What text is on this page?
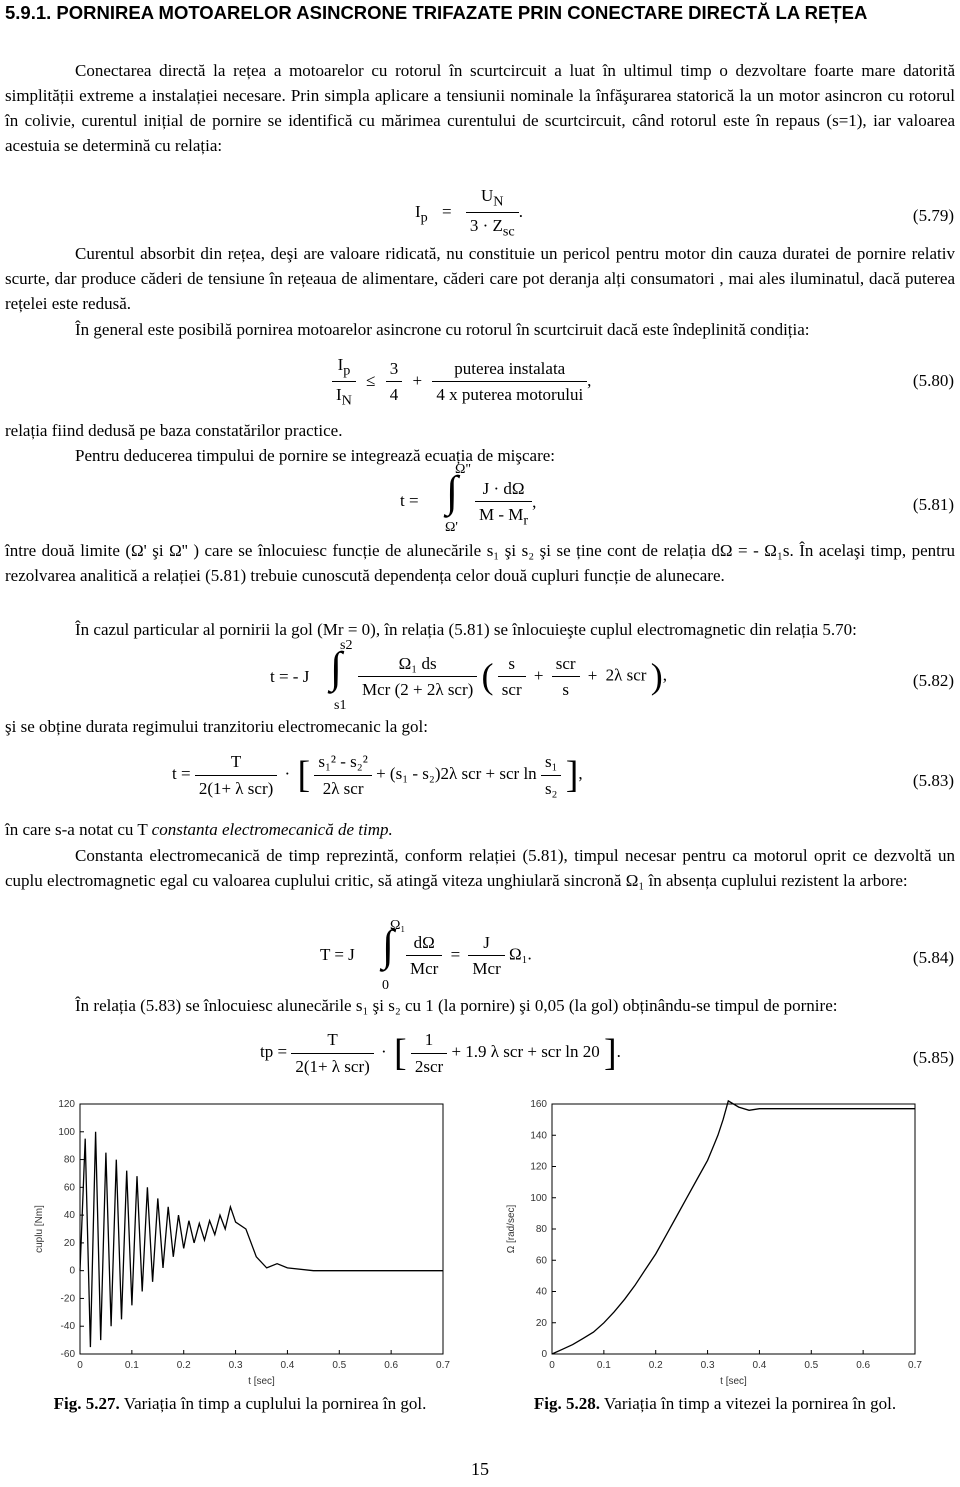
5.9.1. PORNIREA MOTOARELOR ASINCRONE TRIFAZATE PRIN CONECTARE DIRECTĂ LA REȚEA
Conectarea directă la rețea a motoarelor cu rotorul în scurtcircuit a luat în ultimul timp o dezvoltare foarte mare datorită simplității extreme a instalației necesare. Prin simpla aplicare a tensiunii nominale la înfăşurarea statorică la un motor asincron cu rotorul în colivie, curentul inițial de pornire se identifică cu mărimea curentului de scurtcircuit, când rotorul este în repaus (s=1), iar valoarea acestuia se determină cu relația:
$I_p = \frac{U_N}{3 \cdot Z_{sc}}$ .	(5.79)
Curentul absorbit din rețea, deşi are valoare ridicată, nu constituie un pericol pentru motor din cauza duratei de pornire relativ scurte, dar produce căderi de tensiune în rețeaua de alimentare, căderi care pot deranja alți consumatori , mai ales iluminatul, dacă puterea rețelei este redusă.
În general este posibilă pornirea motoarelor asincrone cu rotorul în scurtciruit dacă este îndeplinită condiția:
$\frac{I_p}{I_N} \le \frac{3}{4} + \frac{\text{puterea instalata}}{\text{4 x puterea motorului}}$ ,	(5.80)
relația fiind dedusă pe baza constatărilor practice.
Pentru deducerea timpului de pornire se integrează ecuația de mişcare:
t =
Ω"
∫
$\Omega' \frac{J \cdot d\Omega}{M - M_r}$ ,	(5.81)
între două limite (Ω' şi Ω'' ) care se înlocuiesc funcție de alunecările s₁ şi s₂ şi se ține cont de relația dΩ = - Ω₁s. În acelaşi timp, pentru rezolvarea analitică a relației (5.81) trebuie cunoscută dependența celor două cupluri funcție de alunecare.
În cazul particular al pornirii la gol (Mr = 0), în relația (5.81) se înlocuieşte cuplul electromagnetic din relația 5.70:
t = - J
s2
∫
s1
$\frac{\text{Ω₁ ds}}{\text{Mcr (2 + 2λ scr)}}$ ( $\frac{s}{\text{scr}} + \frac{\text{scr}}{s} + 2\lambda$ scr ),	(5.82)
şi se obține durata regimului tranzitoriu electromecanic la gol:
$t = \frac{T}{\text{2(1+ λ scr)}}$ · [ $\frac{\text{s₁² - s₂²}}{\text{2λ scr}} + (s_1 - s_2)2\lambda$ scr + scr $\ln \frac{\text{s₁}}{\text{s₂}}$ ],	(5.83)
în care s-a notat cu T constanta electromecanică de timp.
Constanta electromecanică de timp reprezintă, conform relației (5.81), timpul necesar pentru ca motorul oprit ce dezvoltă un cuplu electromagnetic egal cu valoarea cuplului critic, să atingă viteza unghiulară sincronă Ω₁ în absența cuplului rezistent la arbore:
T = J
Ω₁
∫
0
$\frac{d\Omega}{\text{Mcr}} = \frac{J}{\text{Mcr}} \Omega_1$.	(5.84)
În relația (5.83) se înlocuiesc alunecările s₁ şi s₂ cu 1 (la pornire) şi 0,05 (la gol) obținându-se timpul de pornire:
tp = $\frac{T}{\text{2(1+ λ scr)}}$ · [ $\frac{1}{\text{2scr}} + 1.9$ λ scr + scr ln 20 ].	(5.85)
0	0.1	0.2	0.3	0.4	0.5	0.6	0.7
-60
-40
-20
0
20
40
60
80
100
120
t [sec]
cuplu [Nm]
Fig. 5.27. Variația în timp a cuplului la pornirea în gol.
0	0.1	0.2	0.3	0.4	0.5	0.6	0.7
0
20
40
60
80
100
120
140
160
t [sec]
Ω [rad/sec]
Fig. 5.28. Variația în timp a vitezei la pornirea în gol.
15
